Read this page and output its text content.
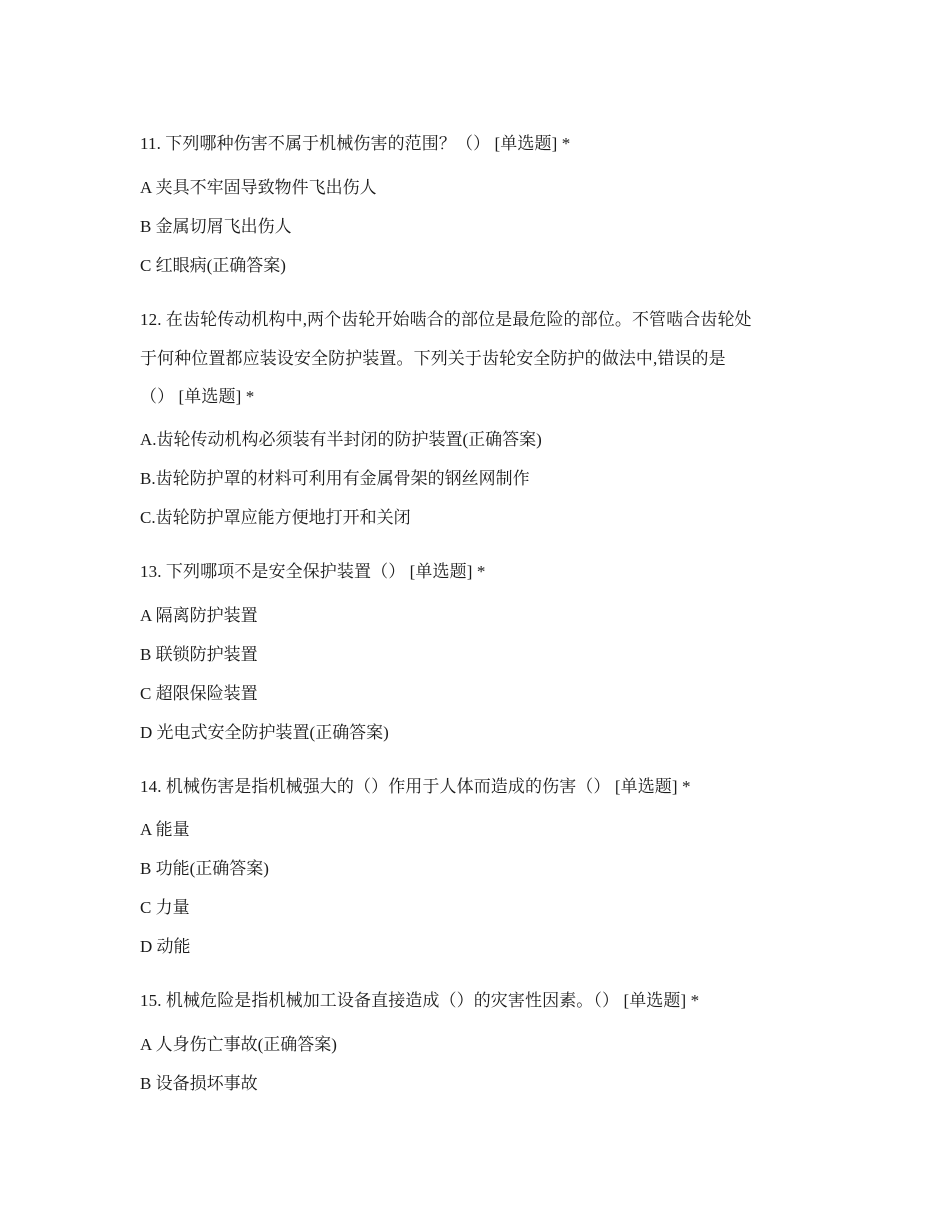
11. 下列哪种伤害不属于机械伤害的范围？（） [单选题] *
A 夹具不牢固导致物件飞出伤人
B 金属切屑飞出伤人
C 红眼病(正确答案)
12. 在齿轮传动机构中,两个齿轮开始啮合的部位是最危险的部位。不管啮合齿轮处
于何种位置都应装设安全防护装置。下列关于齿轮安全防护的做法中,错误的是
（） [单选题] *
A.齿轮传动机构必须装有半封闭的防护装置(正确答案)
B.齿轮防护罩的材料可利用有金属骨架的钢丝网制作
C.齿轮防护罩应能方便地打开和关闭
13. 下列哪项不是安全保护装置（） [单选题] *
A 隔离防护装置
B 联锁防护装置
C 超限保险装置
D 光电式安全防护装置(正确答案)
14. 机械伤害是指机械强大的（）作用于人体而造成的伤害（） [单选题] *
A 能量
B 功能(正确答案)
C 力量
D 动能
15. 机械危险是指机械加工设备直接造成（）的灾害性因素。（） [单选题] *
A 人身伤亡事故(正确答案)
B 设备损坏事故
